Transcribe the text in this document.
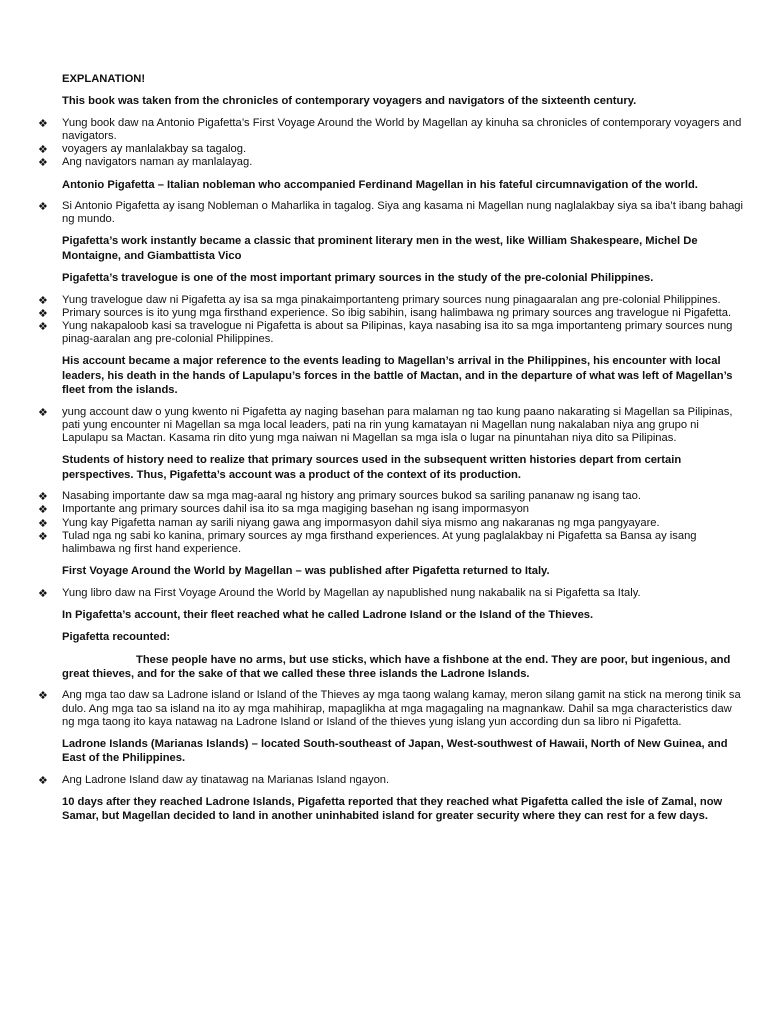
EXPLANATION!

This book was taken from the chronicles of contemporary voyagers and navigators of the sixteenth century.

❖	Yung book daw na Antonio Pigafetta’s First Voyage Around the World by Magellan ay kinuha sa chronicles of contemporary voyagers and navigators.
❖	voyagers ay manlalakbay sa tagalog.
❖	Ang navigators naman ay manlalayag.

Antonio Pigafetta – Italian nobleman who accompanied Ferdinand Magellan in his fateful circumnavigation of the world.

❖	Si Antonio Pigafetta ay isang Nobleman o Maharlika in tagalog. Siya ang kasama ni Magellan nung naglalakbay siya sa iba’t ibang bahagi ng mundo.

Pigafetta’s work instantly became a classic that prominent literary men in the west, like William Shakespeare, Michel De Montaigne, and Giambattista Vico

Pigafetta’s travelogue is one of the most important primary sources in the study of the pre-colonial Philippines.

❖	Yung travelogue daw ni Pigafetta ay isa sa mga pinakaimportanteng primary sources nung pinagaaralan ang pre-colonial Philippines.
❖	Primary sources is ito yung mga firsthand experience. So ibig sabihin, isang halimbawa ng primary sources ang travelogue ni Pigafetta.
❖	Yung nakapaloob kasi sa travelogue ni Pigafetta is about sa Pilipinas, kaya nasabing isa ito sa mga importanteng primary sources nung pinag-aaralan ang pre-colonial Philippines.

His account became a major reference to the events leading to Magellan’s arrival in the Philippines, his encounter with local leaders, his death in the hands of Lapulapu’s forces in the battle of Mactan, and in the departure of what was left of Magellan’s fleet from the islands.

❖	yung account daw o yung kwento ni Pigafetta ay naging basehan para malaman ng tao kung paano nakarating si Magellan sa Pilipinas, pati yung encounter ni Magellan sa mga local leaders, pati na rin yung kamatayan ni Magellan nung nakalaban niya ang grupo ni Lapulapu sa Mactan. Kasama rin dito yung mga naiwan ni Magellan sa mga isla o lugar na pinuntahan niya dito sa Pilipinas.

Students of history need to realize that primary sources used in the subsequent written histories depart from certain perspectives. Thus, Pigafetta’s account was a product of the context of its production.

❖	Nasabing importante daw sa mga mag-aaral ng history ang primary sources bukod sa sariling pananaw ng isang tao.
❖	Importante ang primary sources dahil isa ito sa mga magiging basehan ng isang impormasyon
❖	Yung kay Pigafetta naman ay sarili niyang gawa ang impormasyon dahil siya mismo ang nakaranas ng mga pangyayare.
❖	Tulad nga ng sabi ko kanina, primary sources ay mga firsthand experiences. At yung paglalakbay ni Pigafetta sa Bansa ay isang halimbawa ng first hand experience.

First Voyage Around the World by Magellan – was published after Pigafetta returned to Italy.

❖	Yung libro daw na First Voyage Around the World by Magellan ay napublished nung nakabalik na si Pigafetta sa Italy.

In Pigafetta’s account, their fleet reached what he called Ladrone Island or the Island of the Thieves.

Pigafetta recounted:

These people have no arms, but use sticks, which have a fishbone at the end. They are poor, but ingenious, and great thieves, and for the sake of that we called these three islands the Ladrone Islands.

❖	Ang mga tao daw sa Ladrone island or Island of the Thieves ay mga taong walang kamay, meron silang gamit na stick na merong tinik sa dulo. Ang mga tao sa island na ito ay mga mahihirap, mapaglikha at mga magagaling na magnankaw. Dahil sa mga characteristics daw ng mga taong ito kaya natawag na Ladrone Island or Island of the thieves yung islang yun according dun sa libro ni Pigafetta.

Ladrone Islands (Marianas Islands) – located South-southeast of Japan, West-southwest of Hawaii, North of New Guinea, and East of the Philippines.

❖	Ang Ladrone Island daw ay tinatawag na Marianas Island ngayon.

10 days after they reached Ladrone Islands, Pigafetta reported that they reached what Pigafetta called the isle of Zamal, now Samar, but Magellan decided to land in another uninhabited island for greater security where they can rest for a few days.
